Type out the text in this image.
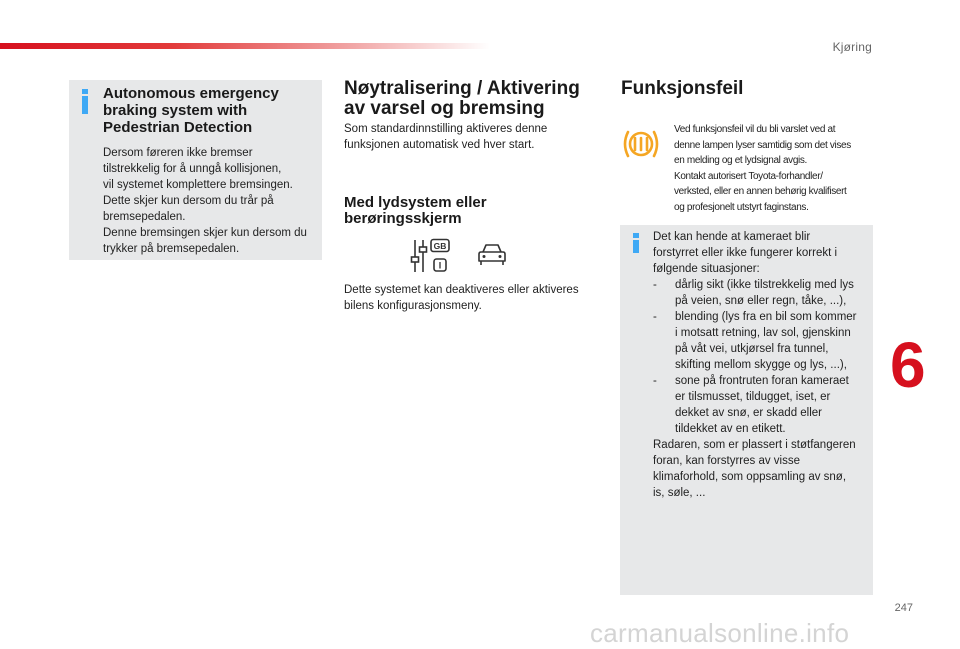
Kjøring

Autonomous emergency

braking system with

Pedestrian Detection

Dersom føreren ikke bremser

tilstrekkelig for å unngå kollisjonen,

vil systemet komplettere bremsingen.

Dette skjer kun dersom du trår på

bremsepedalen.

Denne bremsingen skjer kun dersom du

trykker på bremsepedalen.

Nøytralisering / Aktivering

av varsel og bremsing

Som standardinnstilling aktiveres denne

funksjonen automatisk ved hver start.

Med lydsystem eller

berøringsskjerm

GB
I

Dette systemet kan deaktiveres eller aktiveres

bilens konfigurasjonsmeny.

Funksjonsfeil

Ved funksjonsfeil vil du bli varslet ved at

denne lampen lyser samtidig som det vises

en melding og et lydsignal avgis.

Kontakt autorisert Toyota-forhandler/

verksted, eller en annen behørig kvalifisert

og profesjonelt utstyrt faginstans.

Det kan hende at kameraet blir

forstyrret eller ikke fungerer korrekt i

følgende situasjoner:

-	dårlig sikt (ikke tilstrekkelig med lys

på veien, snø eller regn, tåke, ...),

-	blending (lys fra en bil som kommer

i motsatt retning, lav sol, gjenskinn

på våt vei, utkjørsel fra tunnel,

skifting mellom skygge og lys, ...),

-	sone på frontruten foran kameraet

er tilsmusset, tildugget, iset, er

dekket av snø, er skadd eller

tildekket av en etikett.

Radaren, som er plassert i støtfangeren

foran, kan forstyrres av visse

klimaforhold, som oppsamling av snø,

is, søle, ...

6
247
carmanualsonline.info
